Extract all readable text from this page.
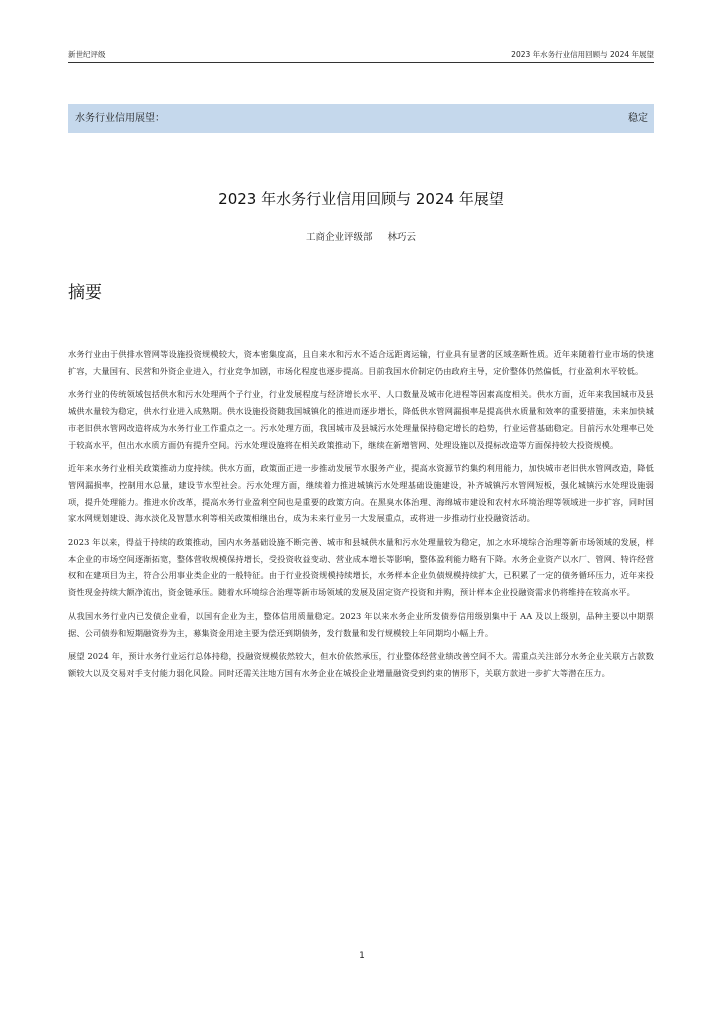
新世纪评级	2023 年水务行业信用回顾与 2024 年展望
水务行业信用展望：	稳定
2023 年水务行业信用回顾与 2024 年展望
工商企业评级部 林巧云
摘要

水务行业由于供排水管网等设施投资规模较大，资本密集度高，且自来水和污水不适合远距离运输，行业具有显著的区域垄断性质。近年来随着行业市场的快速扩容，大量国有、民营和外资企业进入，行业竞争加剧，市场化程度也逐步提高。目前我国水价制定仍由政府主导，定价整体仍然偏低，行业盈利水平较低。

水务行业的传统领域包括供水和污水处理两个子行业，行业发展程度与经济增长水平、人口数量及城市化进程等因素高度相关。供水方面，近年来我国城市及县城供水量较为稳定，供水行业进入成熟期。供水设施投资随我国城镇化的推进而逐步增长，降低供水管网漏损率是提高供水质量和效率的重要措施，未来加快城市老旧供水管网改造将成为水务行业工作重点之一。污水处理方面，我国城市及县城污水处理量保持稳定增长的趋势，行业运营基础稳定。目前污水处理率已处于较高水平，但出水水质方面仍有提升空间。污水处理设施将在相关政策推动下，继续在新增管网、处理设施以及提标改造等方面保持较大投资规模。

近年来水务行业相关政策推动力度持续。供水方面，政策面正进一步推动发展节水服务产业，提高水资源节约集约利用能力，加快城市老旧供水管网改造，降低管网漏损率，控制用水总量，建设节水型社会。污水处理方面，继续着力推进城镇污水处理基础设施建设，补齐城镇污水管网短板，强化城镇污水处理设施弱项，提升处理能力。推进水价改革，提高水务行业盈利空间也是重要的政策方向。在黑臭水体治理、海绵城市建设和农村水环境治理等领域进一步扩容，同时国家水网规划建设、海水淡化及智慧水利等相关政策相继出台，成为未来行业另一大发展重点，或将进一步推动行业投融资活动。

2023 年以来，得益于持续的政策推动，国内水务基础设施不断完善、城市和县城供水量和污水处理量较为稳定，加之水环境综合治理等新市场领域的发展，样本企业的市场空间逐渐拓宽，整体营收规模保持增长，受投资收益变动、营业成本增长等影响，整体盈利能力略有下降。水务企业资产以水厂、管网、特许经营权和在建项目为主，符合公用事业类企业的一般特征。由于行业投资规模持续增长，水务样本企业负债规模持续扩大，已积累了一定的债务循环压力，近年来投资性现金持续大额净流出，资金链承压。随着水环境综合治理等新市场领域的发展及固定资产投资和并购，预计样本企业投融资需求仍将维持在较高水平。

从我国水务行业内已发债企业看，以国有企业为主，整体信用质量稳定。2023 年以来水务企业所发债券信用级别集中于 AA 及以上级别，品种主要以中期票据、公司债券和短期融资券为主，募集资金用途主要为偿还到期债务，发行数量和发行规模较上年同期均小幅上升。

展望 2024 年，预计水务行业运行总体持稳，投融资规模依然较大，但水价依然承压，行业整体经营业绩改善空间不大。需重点关注部分水务企业关联方占款数额较大以及交易对手支付能力弱化风险。同时还需关注地方国有水务企业在城投企业增量融资受到约束的情形下，关联方款进一步扩大等潜在压力。

1
